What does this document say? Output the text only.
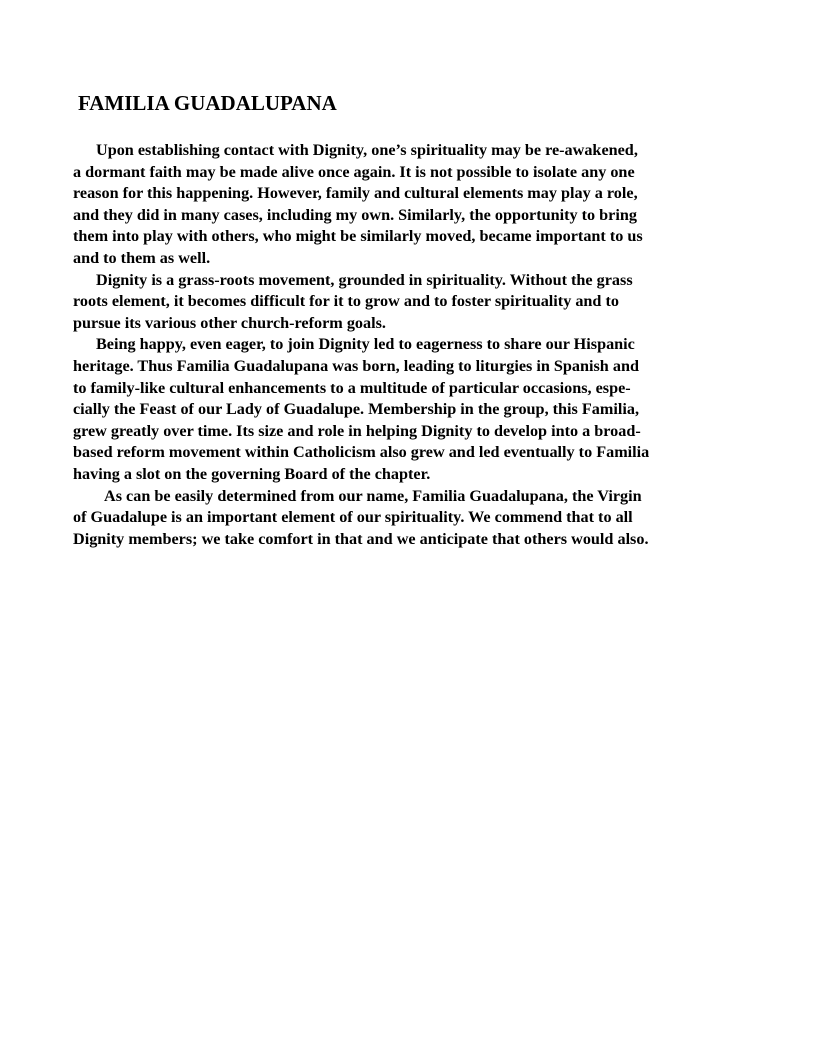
FAMILIA GUADALUPANA
Upon establishing contact with Dignity, one’s spirituality may be re-awakened,
a dormant faith may be made alive once again. It is not possible to isolate any one
reason for this happening. However, family and cultural elements may play a role,
and they did in many cases, including my own. Similarly, the opportunity to bring
them into play with others, who might be similarly moved, became important to us
and to them as well.
Dignity is a grass-roots movement, grounded in spirituality. Without the grass
roots element, it becomes difficult for it to grow and to foster spirituality and to
pursue its various other church-reform goals.
Being happy, even eager, to join Dignity led to eagerness to share our Hispanic
heritage. Thus Familia Guadalupana was born, leading to liturgies in Spanish and
to family-like cultural enhancements to a multitude of particular occasions, espe-
cially the Feast of our Lady of Guadalupe. Membership in the group, this Familia,
grew greatly over time. Its size and role in helping Dignity to develop into a broad-
based reform movement within Catholicism also grew and led eventually to Familia
having a slot on the governing Board of the chapter.
As can be easily determined from our name, Familia Guadalupana, the Virgin
of Guadalupe is an important element of our spirituality. We commend that to all
Dignity members; we take comfort in that and we anticipate that others would also.
